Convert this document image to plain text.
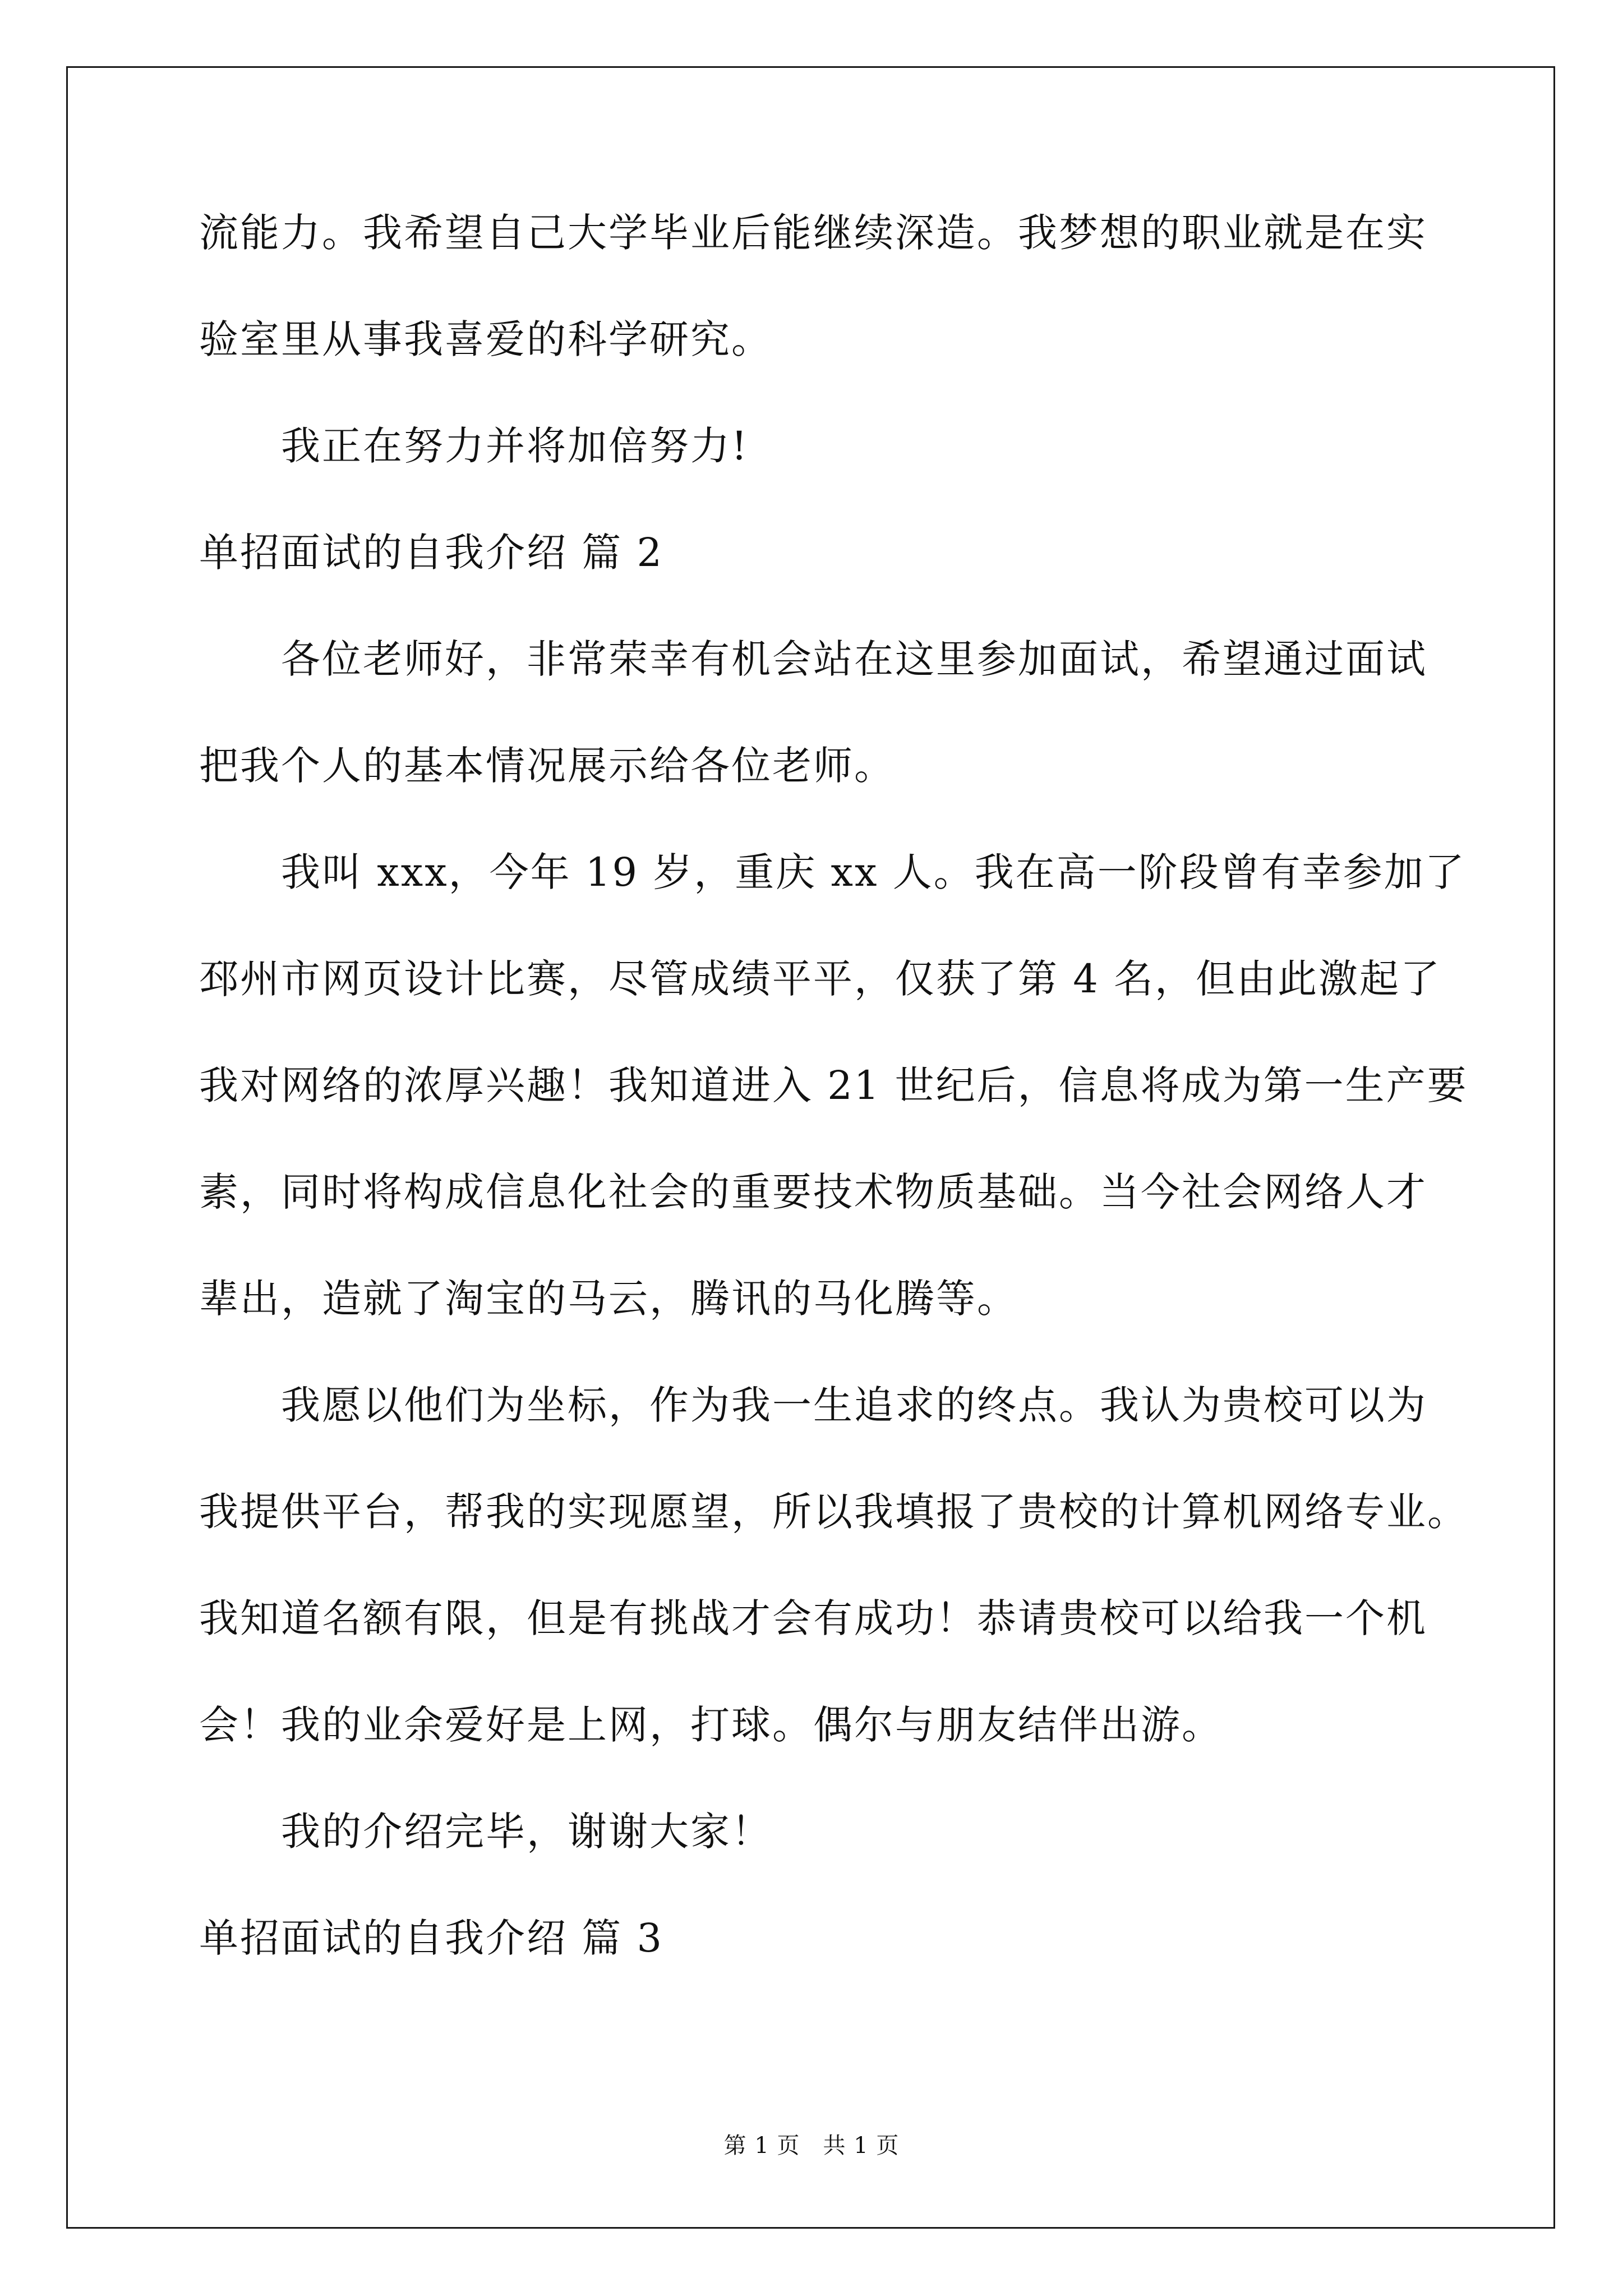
流能力。我希望自己大学毕业后能继续深造。我梦想的职业就是在实
验室里从事我喜爱的科学研究。
我正在努力并将加倍努力!
单招面试的自我介绍 篇 2
各位老师好，非常荣幸有机会站在这里参加面试，希望通过面试
把我个人的基本情况展示给各位老师。
我叫 xxx，今年 19 岁，重庆 xx 人。我在高一阶段曾有幸参加了
邳州市网页设计比赛，尽管成绩平平，仅获了第 4 名，但由此激起了
我对网络的浓厚兴趣！我知道进入 21 世纪后，信息将成为第一生产要
素，同时将构成信息化社会的重要技术物质基础。当今社会网络人才
辈出，造就了淘宝的马云，腾讯的马化腾等。
我愿以他们为坐标，作为我一生追求的终点。我认为贵校可以为
我提供平台，帮我的实现愿望，所以我填报了贵校的计算机网络专业。
我知道名额有限，但是有挑战才会有成功！恭请贵校可以给我一个机
会！我的业余爱好是上网，打球。偶尔与朋友结伴出游。
我的介绍完毕，谢谢大家！
单招面试的自我介绍 篇 3
第 1 页　共 1 页
